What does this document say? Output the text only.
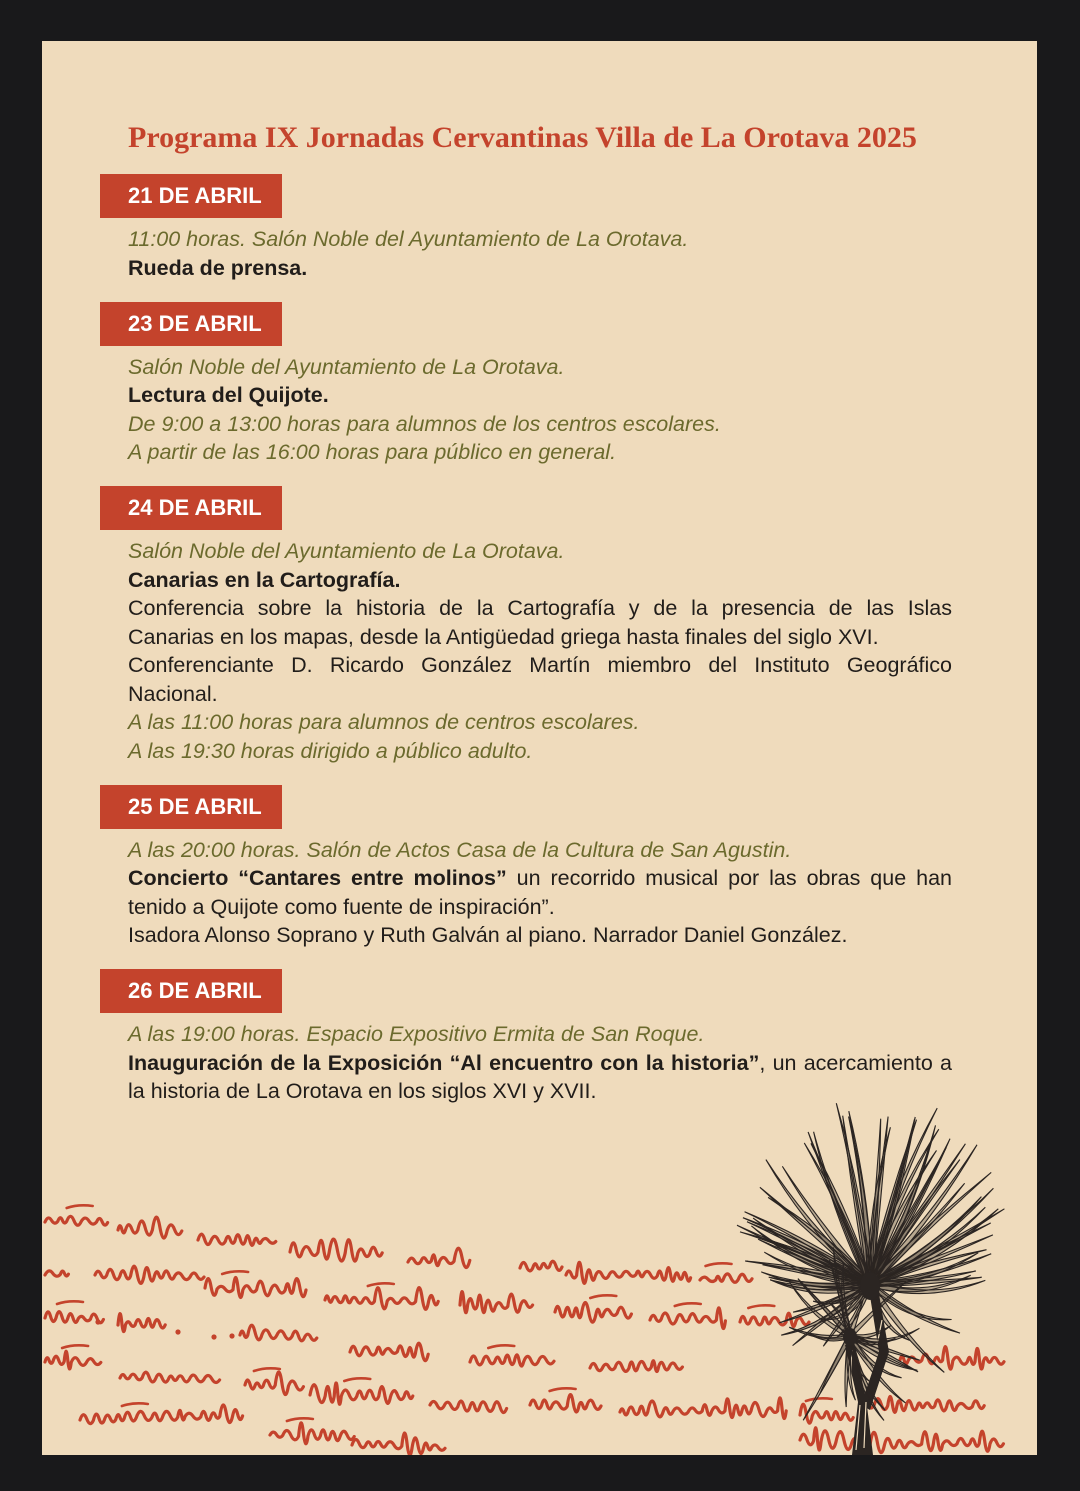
Programa IX Jornadas Cervantinas Villa de La Orotava 2025
21 DE ABRIL

11:00 horas. Salón Noble del Ayuntamiento de La Orotava.

Rueda de prensa.

23 DE ABRIL

Salón Noble del Ayuntamiento de La Orotava.

Lectura del Quijote.

De 9:00 a 13:00 horas para alumnos de los centros escolares.

A partir de las 16:00 horas para público en general.

24 DE ABRIL

Salón Noble del Ayuntamiento de La Orotava.

Canarias en la Cartografía.

Conferencia sobre la historia de la Cartografía y de la presencia de las Islas

Canarias en los mapas, desde la Antigüedad griega hasta finales del siglo XVI.

Conferenciante D. Ricardo González Martín miembro del Instituto Geográfico

Nacional.

A las 11:00 horas para alumnos de centros escolares.

A las 19:30 horas dirigido a público adulto.

25 DE ABRIL

A las 20:00 horas. Salón de Actos Casa de la Cultura de San Agustin.

Concierto “Cantares entre molinos” un recorrido musical por las obras que han

tenido a Quijote como fuente de inspiración”.

Isadora Alonso Soprano y Ruth Galván al piano. Narrador Daniel González.

26 DE ABRIL

A las 19:00 horas. Espacio Expositivo Ermita de San Roque.

Inauguración de la Exposición “Al encuentro con la historia”, un acercamiento a

la historia de La Orotava en los siglos XVI y XVII.
